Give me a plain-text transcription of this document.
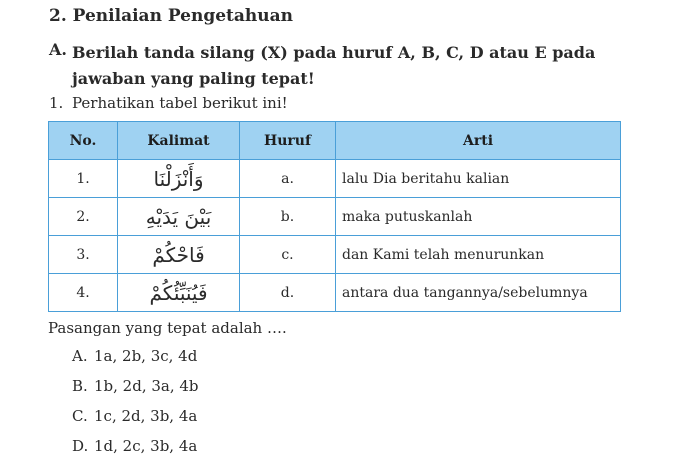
2. Penilaian Pengetahuan
A. Berilah tanda silang (X) pada huruf A, B, C, D atau E pada jawaban yang paling tepat!
1. Perhatikan tabel berikut ini!
No.	Kalimat	Huruf	Arti
1.	وَأَنْزَلْنَا	a.	lalu Dia beritahu kalian
2.	بَيْنَ يَدَيْهِ	b.	maka putuskanlah
3.	فَاحْكُمْ	c.	dan Kami telah menurunkan
4.	فَيُنَبِّئُكُمْ	d.	antara dua tangannya/sebelumnya
Pasangan yang tepat adalah ….
A. 1a, 2b, 3c, 4d
B. 1b, 2d, 3a, 4b
C. 1c, 2d, 3b, 4a
D. 1d, 2c, 3b, 4a
